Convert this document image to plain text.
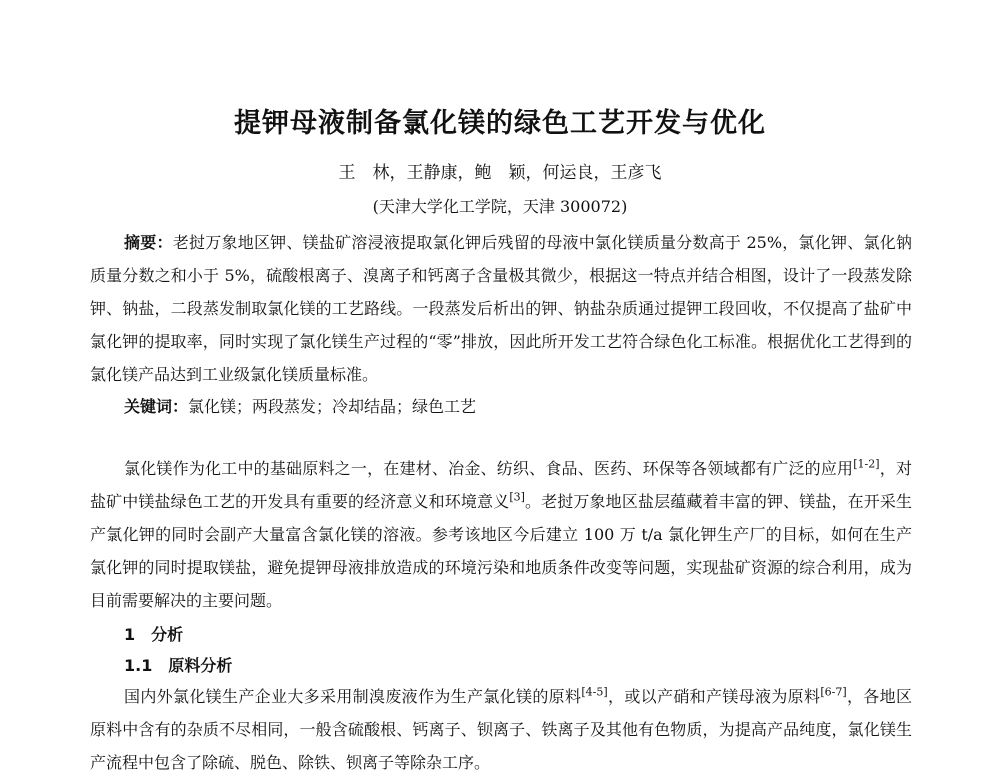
提钾母液制备氯化镁的绿色工艺开发与优化
王　林，王静康，鲍　颖，何运良，王彦飞
(天津大学化工学院，天津 300072)

摘要：老挝万象地区钾、镁盐矿溶浸液提取氯化钾后残留的母液中氯化镁质量分数高于 25%，氯化钾、氯化钠质量分数之和小于 5%，硫酸根离子、溴离子和钙离子含量极其微少，根据这一特点并结合相图，设计了一段蒸发除钾、钠盐，二段蒸发制取氯化镁的工艺路线。一段蒸发后析出的钾、钠盐杂质通过提钾工段回收，不仅提高了盐矿中氯化钾的提取率，同时实现了氯化镁生产过程的“零”排放，因此所开发工艺符合绿色化工标准。根据优化工艺得到的氯化镁产品达到工业级氯化镁质量标准。

关键词：氯化镁；两段蒸发；冷却结晶；绿色工艺

氯化镁作为化工中的基础原料之一，在建材、冶金、纺织、食品、医药、环保等各领域都有广泛的应用[1-2]，对盐矿中镁盐绿色工艺的开发具有重要的经济意义和环境意义[3]。老挝万象地区盐层蕴藏着丰富的钾、镁盐，在开采生产氯化钾的同时会副产大量富含氯化镁的溶液。参考该地区今后建立 100 万 t/a 氯化钾生产厂的目标，如何在生产氯化钾的同时提取镁盐，避免提钾母液排放造成的环境污染和地质条件改变等问题，实现盐矿资源的综合利用，成为目前需要解决的主要问题。

1　分析
1.1　原料分析

国内外氯化镁生产企业大多采用制溴废液作为生产氯化镁的原料[4-5]，或以产硝和产镁母液为原料[6-7]，各地区原料中含有的杂质不尽相同，一般含硫酸根、钙离子、钡离子、铁离子及其他有色物质，为提高产品纯度，氯化镁生产流程中包含了除硫、脱色、除铁、钡离子等除杂工序。
